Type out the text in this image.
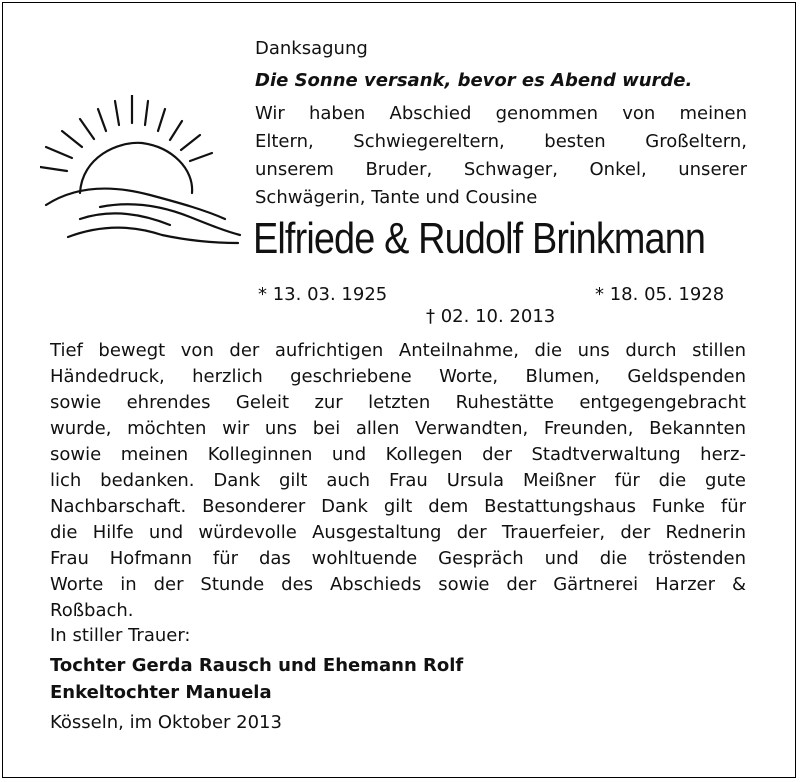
Danksagung
Die Sonne versank, bevor es Abend wurde.
Wir haben Abschied genommen von meinen
Eltern, Schwiegereltern, besten Großeltern,
unserem Bruder, Schwager, Onkel, unserer
Schwägerin, Tante und Cousine
Elfriede & Rudolf Brinkmann
* 13. 03. 1925	* 18. 05. 1928
† 02. 10. 2013
Tief bewegt von der aufrichtigen Anteilnahme, die uns durch stillen
Händedruck, herzlich geschriebene Worte, Blumen, Geldspenden
sowie ehrendes Geleit zur letzten Ruhestätte entgegengebracht
wurde, möchten wir uns bei allen Verwandten, Freunden, Bekannten
sowie meinen Kolleginnen und Kollegen der Stadtverwaltung herz-
lich bedanken. Dank gilt auch Frau Ursula Meißner für die gute
Nachbarschaft. Besonderer Dank gilt dem Bestattungshaus Funke für
die Hilfe und würdevolle Ausgestaltung der Trauerfeier, der Rednerin
Frau Hofmann für das wohltuende Gespräch und die tröstenden
Worte in der Stunde des Abschieds sowie der Gärtnerei Harzer &
Roßbach.
In stiller Trauer:
Tochter Gerda Rausch und Ehemann Rolf
Enkeltochter Manuela
Kösseln, im Oktober 2013
